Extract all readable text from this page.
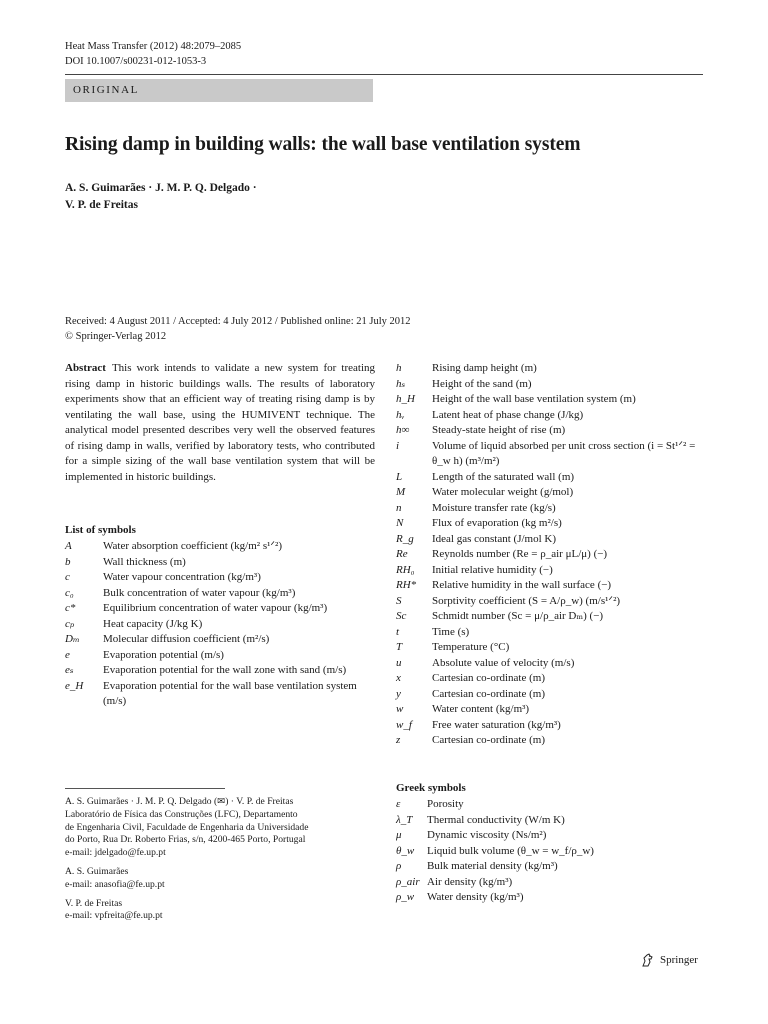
Heat Mass Transfer (2012) 48:2079–2085
DOI 10.1007/s00231-012-1053-3
ORIGINAL
Rising damp in building walls: the wall base ventilation system
A. S. Guimarães · J. M. P. Q. Delgado ·
V. P. de Freitas
Received: 4 August 2011 / Accepted: 4 July 2012 / Published online: 21 July 2012
© Springer-Verlag 2012
Abstract This work intends to validate a new system for treating rising damp in historic buildings walls. The results of laboratory experiments show that an efficient way of treating rising damp is by ventilating the wall base, using the HUMIVENT technique. The analytical model presented describes very well the observed features of rising damp in walls, verified by laboratory tests, who contributed for a simple sizing of the wall base ventilation system that will be implemented in historic buildings.
List of symbols
A	Water absorption coefficient (kg/m² s¹ᐟ²)
b	Wall thickness (m)
c	Water vapour concentration (kg/m³)
c₀	Bulk concentration of water vapour (kg/m³)
c*	Equilibrium concentration of water vapour (kg/m³)
cₚ	Heat capacity (J/kg K)
Dₘ	Molecular diffusion coefficient (m²/s)
e	Evaporation potential (m/s)
eₛ	Evaporation potential for the wall zone with sand (m/s)
e_H	Evaporation potential for the wall base ventilation system (m/s)
h	Rising damp height (m)
hₛ	Height of the sand (m)
h_H	Height of the wall base ventilation system (m)
hᵥ	Latent heat of phase change (J/kg)
h∞	Steady-state height of rise (m)
i	Volume of liquid absorbed per unit cross section (i = St¹ᐟ² = θ_w h) (m³/m²)
L	Length of the saturated wall (m)
M	Water molecular weight (g/mol)
n	Moisture transfer rate (kg/s)
N	Flux of evaporation (kg m²/s)
R_g	Ideal gas constant (J/mol K)
Re	Reynolds number (Re = ρ_air μL/μ) (−)
RH₀	Initial relative humidity (−)
RH*	Relative humidity in the wall surface (−)
S	Sorptivity coefficient (S = A/ρ_w) (m/s¹ᐟ²)
Sc	Schmidt number (Sc = μ/ρ_air Dₘ) (−)
t	Time (s)
T	Temperature (°C)
u	Absolute value of velocity (m/s)
x	Cartesian co-ordinate (m)
y	Cartesian co-ordinate (m)
w	Water content (kg/m³)
w_f	Free water saturation (kg/m³)
z	Cartesian co-ordinate (m)
Greek symbols
ε	Porosity
λ_T	Thermal conductivity (W/m K)
μ	Dynamic viscosity (Ns/m²)
θ_w	Liquid bulk volume (θ_w = w_f/ρ_w)
ρ	Bulk material density (kg/m³)
ρ_air Air density (kg/m³)
ρ_w	Water density (kg/m³)
A. S. Guimarães · J. M. P. Q. Delgado (✉) · V. P. de Freitas
Laboratório de Física das Construções (LFC), Departamento
de Engenharia Civil, Faculdade de Engenharia da Universidade
do Porto, Rua Dr. Roberto Frias, s/n, 4200-465 Porto, Portugal
e-mail: jdelgado@fe.up.pt
A. S. Guimarães
e-mail: anasofia@fe.up.pt
V. P. de Freitas
e-mail: vpfreita@fe.up.pt
Springer
